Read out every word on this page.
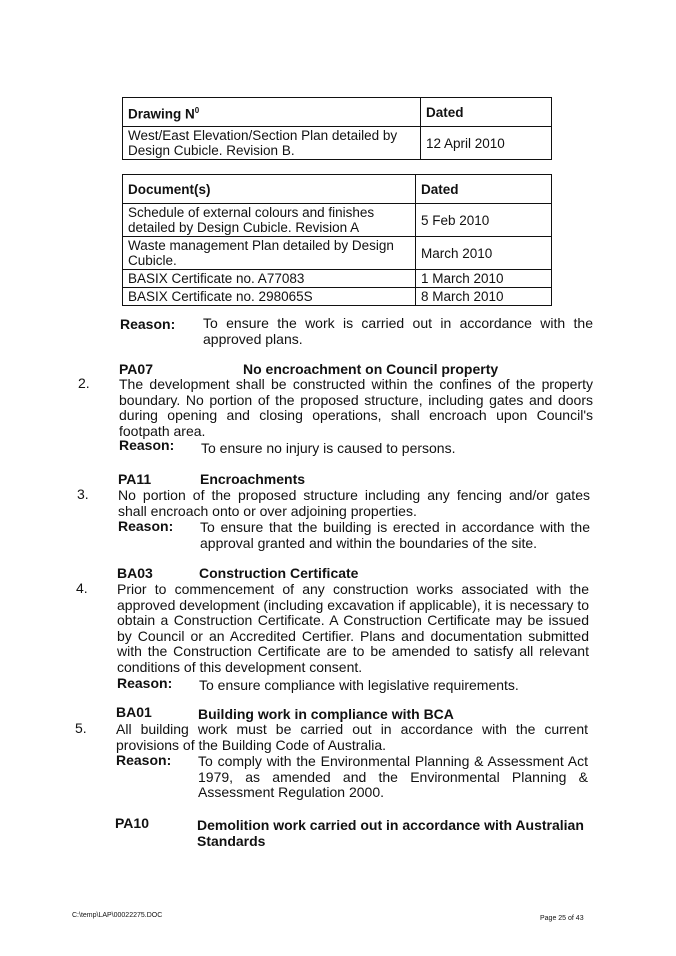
Drawing $N^0$	Dated
West/East Elevation/Section Plan detailed by Design Cubicle. Revision B.	12 April 2010
Document(s)	Dated
Schedule of external colours and finishes detailed by Design Cubicle. Revision A	5 Feb 2010
Waste management Plan detailed by Design Cubicle.	March 2010
BASIX Certificate no. A77083	1 March 2010
BASIX Certificate no. 298065S	8 March 2010
Reason: To ensure the work is carried out in accordance with the approved plans.
PA07	No encroachment on Council property
2. The development shall be constructed within the confines of the property boundary. No portion of the proposed structure, including gates and doors during opening and closing operations, shall encroach upon Council's footpath area.
Reason: To ensure no injury is caused to persons.
PA11	Encroachments
3. No portion of the proposed structure including any fencing and/or gates shall encroach onto or over adjoining properties.
Reason: To ensure that the building is erected in accordance with the approval granted and within the boundaries of the site.
BA03	Construction Certificate
4. Prior to commencement of any construction works associated with the approved development (including excavation if applicable), it is necessary to obtain a Construction Certificate. A Construction Certificate may be issued by Council or an Accredited Certifier. Plans and documentation submitted with the Construction Certificate are to be amended to satisfy all relevant conditions of this development consent.
Reason: To ensure compliance with legislative requirements.
BA01	Building work in compliance with BCA
5. All building work must be carried out in accordance with the current provisions of the Building Code of Australia.
Reason: To comply with the Environmental Planning & Assessment Act 1979, as amended and the Environmental Planning & Assessment Regulation 2000.
PA10	Demolition work carried out in accordance with Australian Standards
C:\temp\LAP\00022275.DOC	Page 25 of 43
